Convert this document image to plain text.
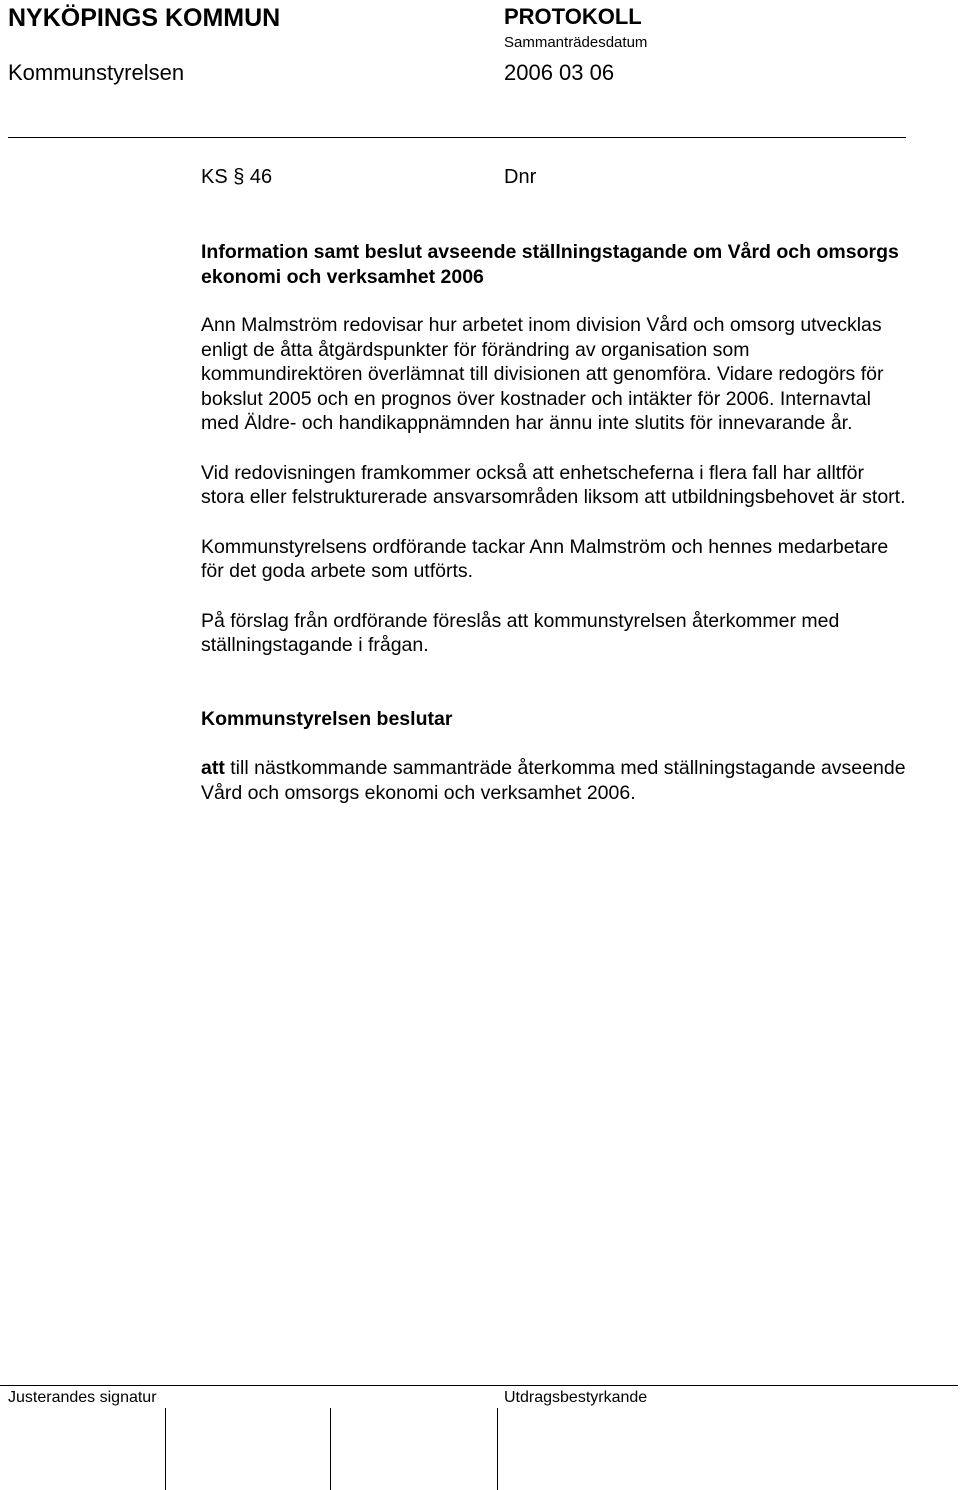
NYKÖPINGS KOMMUN	PROTOKOLL
Sammanträdesdatum
Kommunstyrelsen	2006 03 06
KS § 46	Dnr

Information samt beslut avseende ställningstagande om Vård och omsorgs ekonomi och verksamhet 2006

Ann Malmström redovisar hur arbetet inom division Vård och omsorg utvecklas enligt de åtta åtgärdspunkter för förändring av organisation som kommundirektören överlämnat till divisionen att genomföra. Vidare redogörs för bokslut 2005 och en prognos över kostnader och intäkter för 2006. Internavtal med Äldre- och handikappnämnden har ännu inte slutits för innevarande år.

Vid redovisningen framkommer också att enhetscheferna i flera fall har alltför stora eller felstrukturerade ansvarsområden liksom att utbildningsbehovet är stort.

Kommunstyrelsens ordförande tackar Ann Malmström och hennes medarbetare för det goda arbete som utförts.

På förslag från ordförande föreslås att kommunstyrelsen återkommer med ställningstagande i frågan.

Kommunstyrelsen beslutar

att till nästkommande sammanträde återkomma med ställningstagande avseende Vård och omsorgs ekonomi och verksamhet 2006.

Justerandes signatur	Utdragsbestyrkande
